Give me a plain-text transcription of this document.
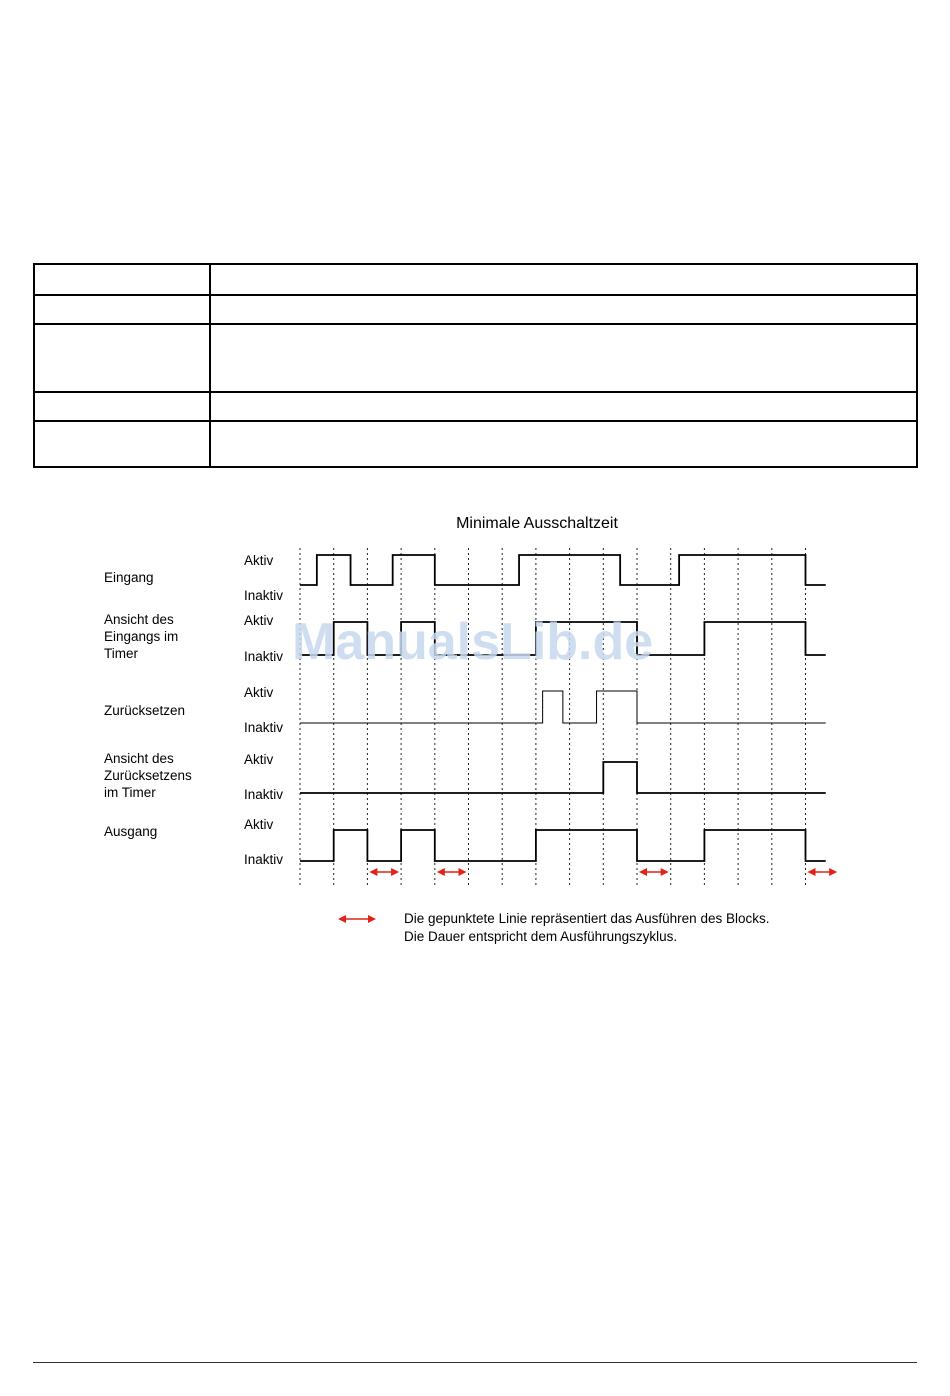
Minimale Ausschaltzeit
Eingang
Aktiv
Inaktiv
Ansicht des
Eingangs im
Timer
Aktiv
Inaktiv
Zurücksetzen
Aktiv
Inaktiv
Ansicht des
Zurücksetzens
im Timer
Aktiv
Inaktiv
Ausgang	Aktiv
Inaktiv
Die gepunktete Linie repräsentiert das Ausführen des Blocks.
Die Dauer entspricht dem Ausführungszyklus.
ManualsLib.de
